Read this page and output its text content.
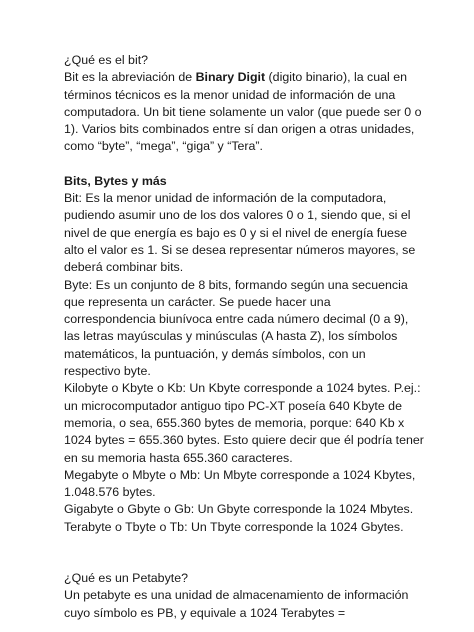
¿Qué es el bit?

Bit es la abreviación de Binary Digit (digito binario), la cual en términos técnicos es la menor unidad de información de una computadora. Un bit tiene solamente un valor (que puede ser 0 o 1). Varios bits combinados entre sí dan origen a otras unidades, como “byte”, “mega”, “giga” y “Tera”.

Bits, Bytes y más

Bit: Es la menor unidad de información de la computadora, pudiendo asumir uno de los dos valores 0 o 1, siendo que, si el nivel de que energía es bajo es 0 y si el nivel de energía fuese alto el valor es 1. Si se desea representar números mayores, se deberá combinar bits.

Byte: Es un conjunto de 8 bits, formando según una secuencia que representa un carácter. Se puede hacer una correspondencia biunívoca entre cada número decimal (0 a 9), las letras mayúsculas y minúsculas (A hasta Z), los símbolos matemáticos, la puntuación, y demás símbolos, con un respectivo byte.

Kilobyte o Kbyte o Kb: Un Kbyte corresponde a 1024 bytes. P.ej.: un microcomputador antiguo tipo PC-XT poseía 640 Kbyte de memoria, o sea, 655.360 bytes de memoria, porque: 640 Kb x 1024 bytes = 655.360 bytes. Esto quiere decir que él podría tener en su memoria hasta 655.360 caracteres.

Megabyte o Mbyte o Mb: Un Mbyte corresponde a 1024 Kbytes, 1.048.576 bytes.

Gigabyte o Gbyte o Gb: Un Gbyte corresponde la 1024 Mbytes.

Terabyte o Tbyte o Tb: Un Tbyte corresponde la 1024 Gbytes.

¿Qué es un Petabyte?

Un petabyte es una unidad de almacenamiento de información cuyo símbolo es PB, y equivale a 1024 Terabytes =
